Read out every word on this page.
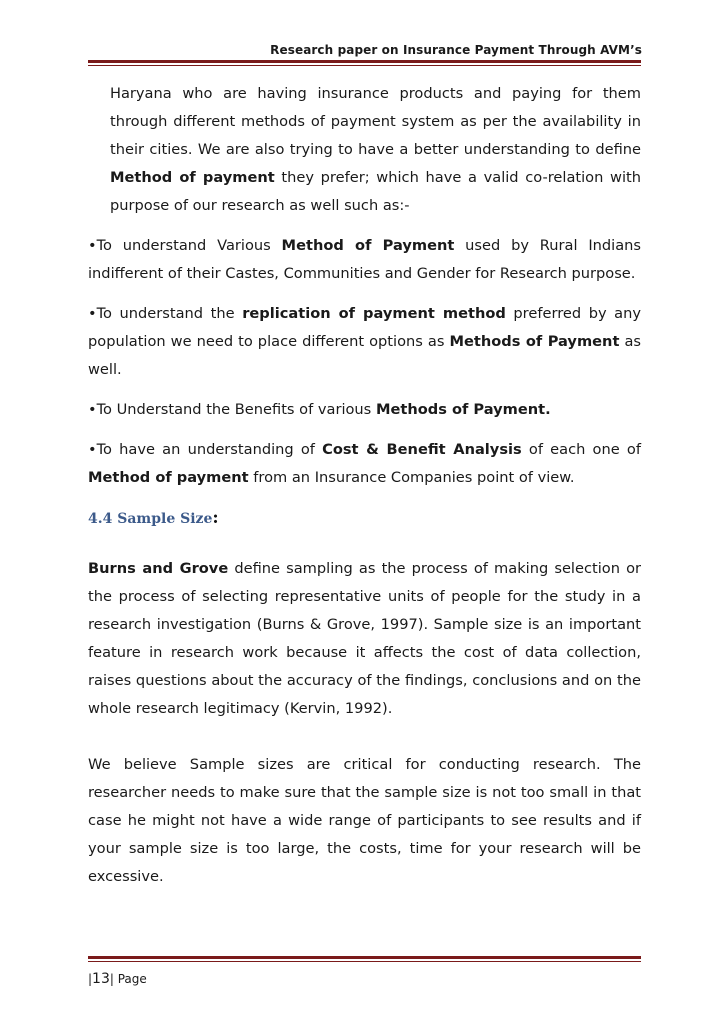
Research paper on Insurance Payment Through AVM’s

Haryana who are having insurance products and paying for them through different methods of payment system as per the availability in their cities. We are also trying to have a better understanding to define Method of payment they prefer; which have a valid co-relation with purpose of our research as well such as:-

•To understand Various Method of Payment used by Rural Indians indifferent of their Castes, Communities and Gender for Research purpose.

•To understand the replication of payment method preferred by any population we need to place different options as Methods of Payment as well.

•To Understand the Benefits of various Methods of Payment.

•To have an understanding of Cost & Benefit Analysis of each one of Method of payment from an Insurance Companies point of view.

4.4 Sample Size:

Burns and Grove define sampling as the process of making selection or the process of selecting representative units of people for the study in a research investigation (Burns & Grove, 1997). Sample size is an important feature in research work because it affects the cost of data collection, raises questions about the accuracy of the findings, conclusions and on the whole research legitimacy (Kervin, 1992).

We believe Sample sizes are critical for conducting research. The researcher needs to make sure that the sample size is not too small in that case he might not have a wide range of participants to see results and if your sample size is too large, the costs, time for your research will be excessive.

|13| Page
